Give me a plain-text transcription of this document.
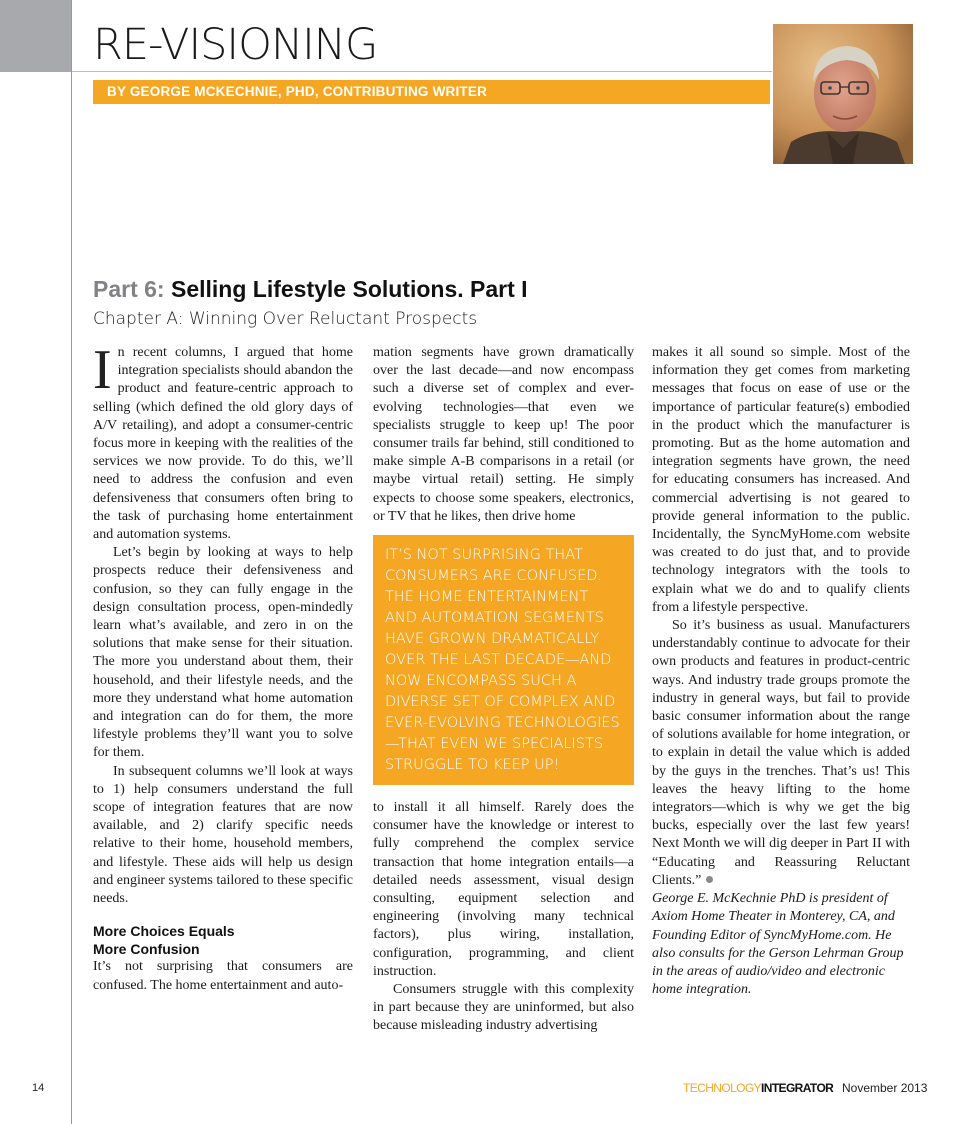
RE-VISIONING
BY GEORGE MCKECHNIE, PHD, CONTRIBUTING WRITER
Part 6: Selling Lifestyle Solutions. Part I
Chapter A: Winning Over Reluctant Prospects

In recent columns, I argued that home integration specialists should abandon the product and feature-centric approach to selling (which defined the old glory days of A/V retailing), and adopt a consumer-centric focus more in keeping with the realities of the services we now provide. To do this, we’ll need to address the confusion and even defensiveness that consumers often bring to the task of purchasing home entertainment and automation systems.

Let’s begin by looking at ways to help prospects reduce their defensiveness and confusion, so they can fully engage in the design consultation process, open-mindedly learn what’s available, and zero in on the solutions that make sense for their situation. The more you understand about them, their household, and their lifestyle needs, and the more they understand what home automation and integration can do for them, the more lifestyle problems they’ll want you to solve for them.

In subsequent columns we’ll look at ways to 1) help consumers understand the full scope of integration features that are now available, and 2) clarify specific needs relative to their home, household members, and lifestyle. These aids will help us design and engineer systems tailored to these specific needs.

More Choices Equals
More Confusion

It’s not surprising that consumers are confused. The home entertainment and auto-

mation segments have grown dramatically over the last decade—and now encompass such a diverse set of complex and ever-evolving technologies—that even we specialists struggle to keep up! The poor consumer trails far behind, still conditioned to make simple A-B comparisons in a retail (or maybe virtual retail) setting. He simply expects to choose some speakers, electronics, or TV that he likes, then drive home

IT’S NOT SURPRISING THAT CONSUMERS ARE CONFUSED. THE HOME ENTERTAINMENT AND AUTOMATION SEGMENTS HAVE GROWN DRAMATICALLY OVER THE LAST DECADE—AND NOW ENCOMPASS SUCH A DIVERSE SET OF COMPLEX AND EVER-EVOLVING TECHNOLOGIES—THAT EVEN WE SPECIALISTS STRUGGLE TO KEEP UP!

to install it all himself. Rarely does the consumer have the knowledge or interest to fully comprehend the complex service transaction that home integration entails—a detailed needs assessment, visual design consulting, equipment selection and engineering (involving many technical factors), plus wiring, installation, configuration, programming, and client instruction.

Consumers struggle with this complexity in part because they are uninformed, but also because misleading industry advertising

makes it all sound so simple. Most of the information they get comes from marketing messages that focus on ease of use or the importance of particular feature(s) embodied in the product which the manufacturer is promoting. But as the home automation and integration segments have grown, the need for educating consumers has increased. And commercial advertising is not geared to provide general information to the public. Incidentally, the SyncMyHome.com website was created to do just that, and to provide technology integrators with the tools to explain what we do and to qualify clients from a lifestyle perspective.

So it’s business as usual. Manufacturers understandably continue to advocate for their own products and features in product-centric ways. And industry trade groups promote the industry in general ways, but fail to provide basic consumer information about the range of solutions available for home integration, or to explain in detail the value which is added by the guys in the trenches. That’s us! This leaves the heavy lifting to the home integrators—which is why we get the big bucks, especially over the last few years! Next Month we will dig deeper in Part II with “Educating and Reassuring Reluctant Clients.”

George E. McKechnie PhD is president of Axiom Home Theater in Monterey, CA, and Founding Editor of SyncMyHome.com. He also consults for the Gerson Lehrman Group in the areas of audio/video and electronic home integration.

14	TECHNOLOGYINTEGRATOR November 2013
